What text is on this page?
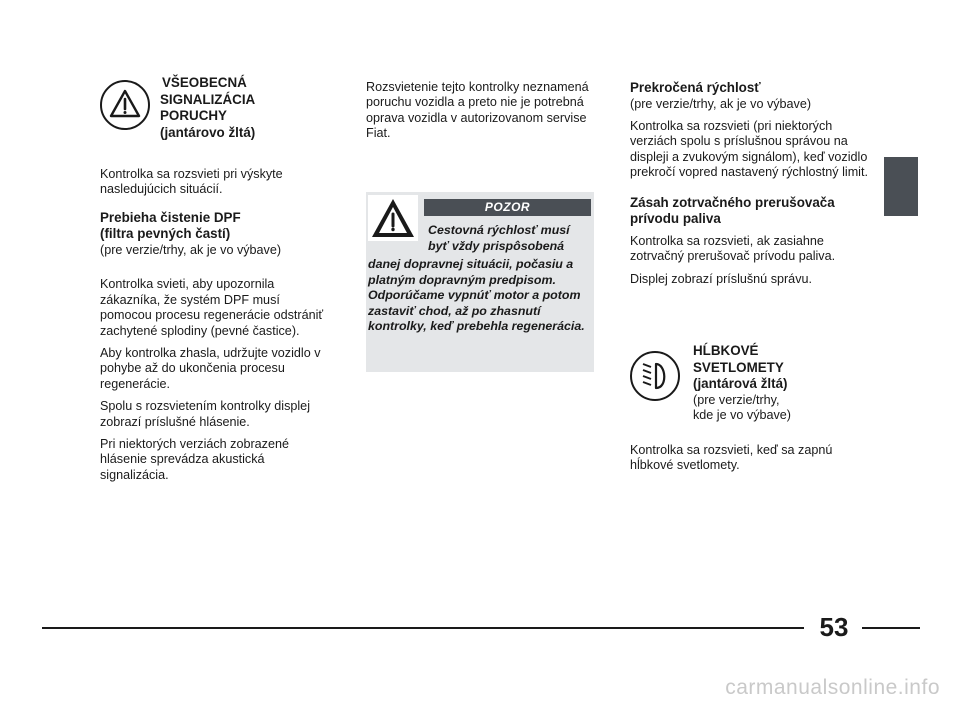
VŠEOBECNÁ
SIGNALIZÁCIA
PORUCHY
(jantárovo žltá)

Kontrolka sa rozsvieti pri výskyte nasledujúcich situácií.

Prebieha čistenie DPF
(filtra pevných častí)

(pre verzie/trhy, ak je vo výbave)

Kontrolka svieti, aby upozornila zákazníka, že systém DPF musí pomocou procesu regenerácie odstrániť zachytené splodiny (pevné častice).

Aby kontrolka zhasla, udržujte vozidlo v pohybe až do ukončenia procesu regenerácie.

Spolu s rozsvietením kontrolky displej zobrazí príslušné hlásenie.

Pri niektorých verziách zobrazené hlásenie sprevádza akustická signalizácia.

Rozsvietenie tejto kontrolky neznamená poruchu vozidla a preto nie je potrebná oprava vozidla v autorizovanom servise Fiat.

POZOR
Cestovná rýchlosť musí
byť vždy prispôsobená
danej dopravnej situácii, počasiu a platným dopravným predpisom. Odporúčame vypnúť motor a potom zastaviť chod, až po zhasnutí kontrolky, keď prebehla regenerácia.
Prekročená rýchlosť

(pre verzie/trhy, ak je vo výbave)

Kontrolka sa rozsvieti (pri niektorých verziách spolu s príslušnou správou na displeji a zvukovým signálom), keď vozidlo prekročí vopred nastavený rýchlostný limit.

Zásah zotrvačného prerušovača
prívodu paliva

Kontrolka sa rozsvieti, ak zasiahne zotrvačný prerušovač prívodu paliva.

Displej zobrazí príslušnú správu.

HĹBKOVÉ
SVETLOMETY
(jantárová žltá)
(pre verzie/trhy,
kde je vo výbave)

Kontrolka sa rozsvieti, keď sa zapnú hĺbkové svetlomety.

53
carmanualsonline.info
